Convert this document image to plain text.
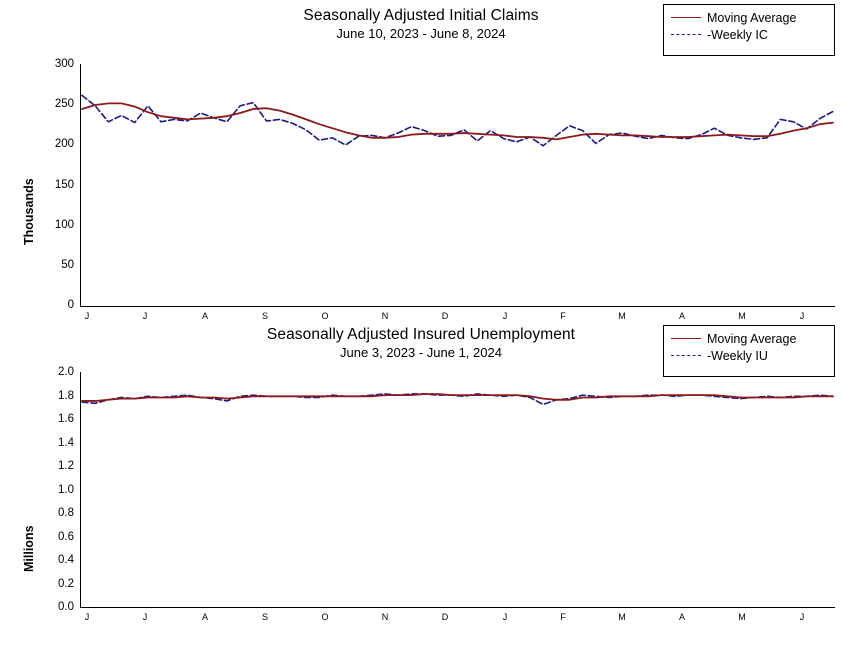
Seasonally Adjusted Initial Claims
June 10, 2023 - June 8, 2024
Moving Average
-Weekly IC
Thousands
300
250
200
150
100
50
0
J	J	A	S	O	N	D	J	F	M	A	M	J
Seasonally Adjusted Insured Unemployment
June 3, 2023 - June 1, 2024
Moving Average
-Weekly IU
Millions
2.0
1.8
1.6
1.4
1.2
1.0
0.8
0.6
0.4
0.2
0.0
J	J	A	S	O	N	D	J	F	M	A	M	J
